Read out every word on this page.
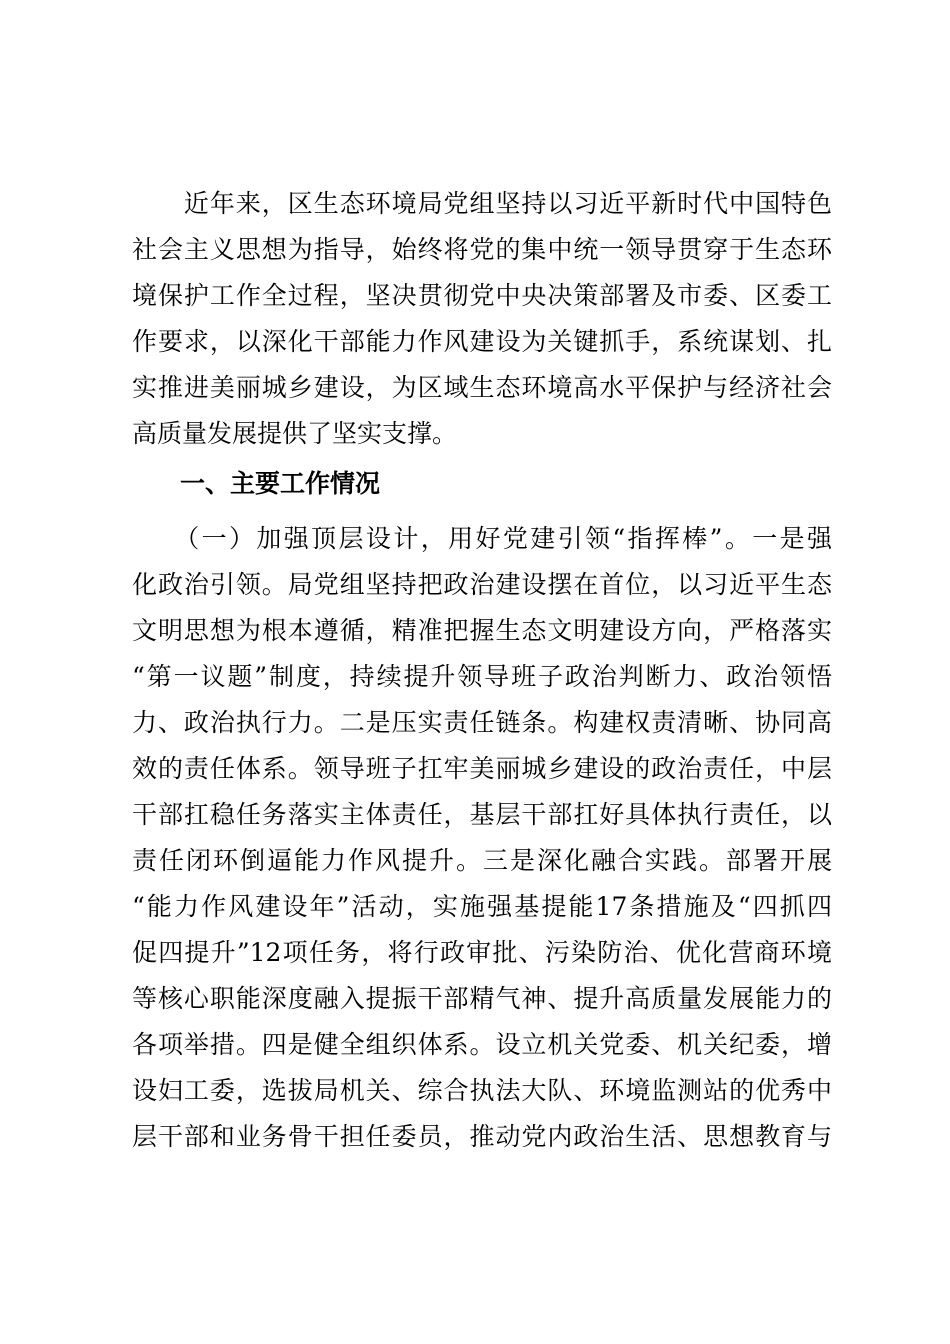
　　近年来，区生态环境局党组坚持以习近平新时代中国特色
社会主义思想为指导，始终将党的集中统一领导贯穿于生态环
境保护工作全过程，坚决贯彻党中央决策部署及市委、区委工
作要求，以深化干部能力作风建设为关键抓手，系统谋划、扎
实推进美丽城乡建设，为区域生态环境高水平保护与经济社会
高质量发展提供了坚实支撑。
一、主要工作情况
　　（一）加强顶层设计，用好党建引领“指挥棒”。一是强
化政治引领。局党组坚持把政治建设摆在首位，以习近平生态
文明思想为根本遵循，精准把握生态文明建设方向，严格落实
“第一议题”制度，持续提升领导班子政治判断力、政治领悟
力、政治执行力。二是压实责任链条。构建权责清晰、协同高
效的责任体系。领导班子扛牢美丽城乡建设的政治责任，中层
干部扛稳任务落实主体责任，基层干部扛好具体执行责任，以
责任闭环倒逼能力作风提升。三是深化融合实践。部署开展
“能力作风建设年”活动，实施强基提能17条措施及“四抓四
促四提升”12项任务，将行政审批、污染防治、优化营商环境
等核心职能深度融入提振干部精气神、提升高质量发展能力的
各项举措。四是健全组织体系。设立机关党委、机关纪委，增
设妇工委，选拔局机关、综合执法大队、环境监测站的优秀中
层干部和业务骨干担任委员，推动党内政治生活、思想教育与
